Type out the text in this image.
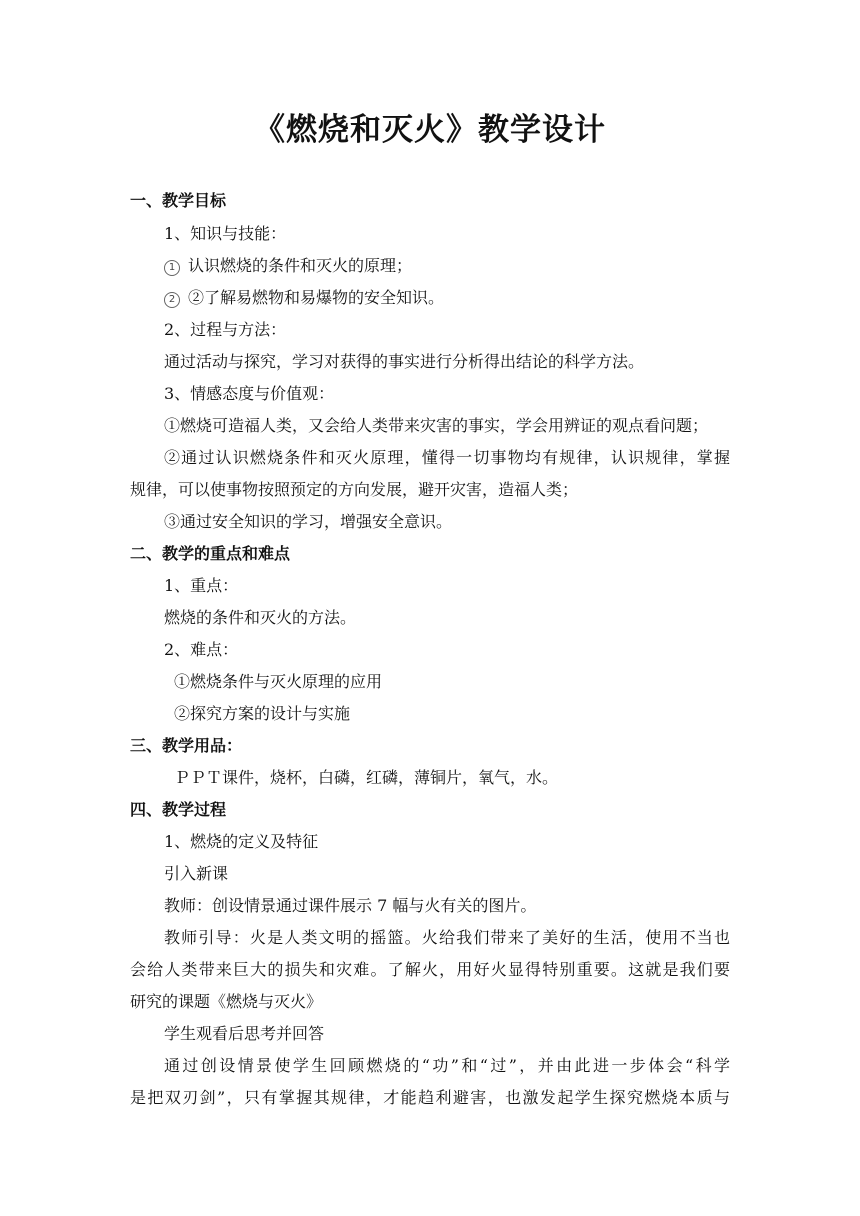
《燃烧和灭火》教学设计
一、教学目标
1、知识与技能：
1 认识燃烧的条件和灭火的原理；
2 ②了解易燃物和易爆物的安全知识。
2、过程与方法：
通过活动与探究，学习对获得的事实进行分析得出结论的科学方法。
3、情感态度与价值观：
①燃烧可造福人类，又会给人类带来灾害的事实，学会用辨证的观点看问题；
②通过认识燃烧条件和灭火原理，懂得一切事物均有规律，认识规律，掌握
规律，可以使事物按照预定的方向发展，避开灾害，造福人类；
③通过安全知识的学习，增强安全意识。
二、教学的重点和难点
1、重点：
燃烧的条件和灭火的方法。
2、难点：
①燃烧条件与灭火原理的应用
②探究方案的设计与实施
三、教学用品：
ＰＰＴ课件，烧杯，白磷，红磷，薄铜片，氧气，水。
四、教学过程
1、燃烧的定义及特征
引入新课
教师：创设情景通过课件展示 7 幅与火有关的图片。
教师引导：火是人类文明的摇篮。火给我们带来了美好的生活，使用不当也
会给人类带来巨大的损失和灾难。了解火，用好火显得特别重要。这就是我们要
研究的课题《燃烧与灭火》
学生观看后思考并回答
通过创设情景使学生回顾燃烧的“功”和“过”，并由此进一步体会“科学
是把双刃剑”，只有掌握其规律，才能趋利避害，也激发起学生探究燃烧本质与
